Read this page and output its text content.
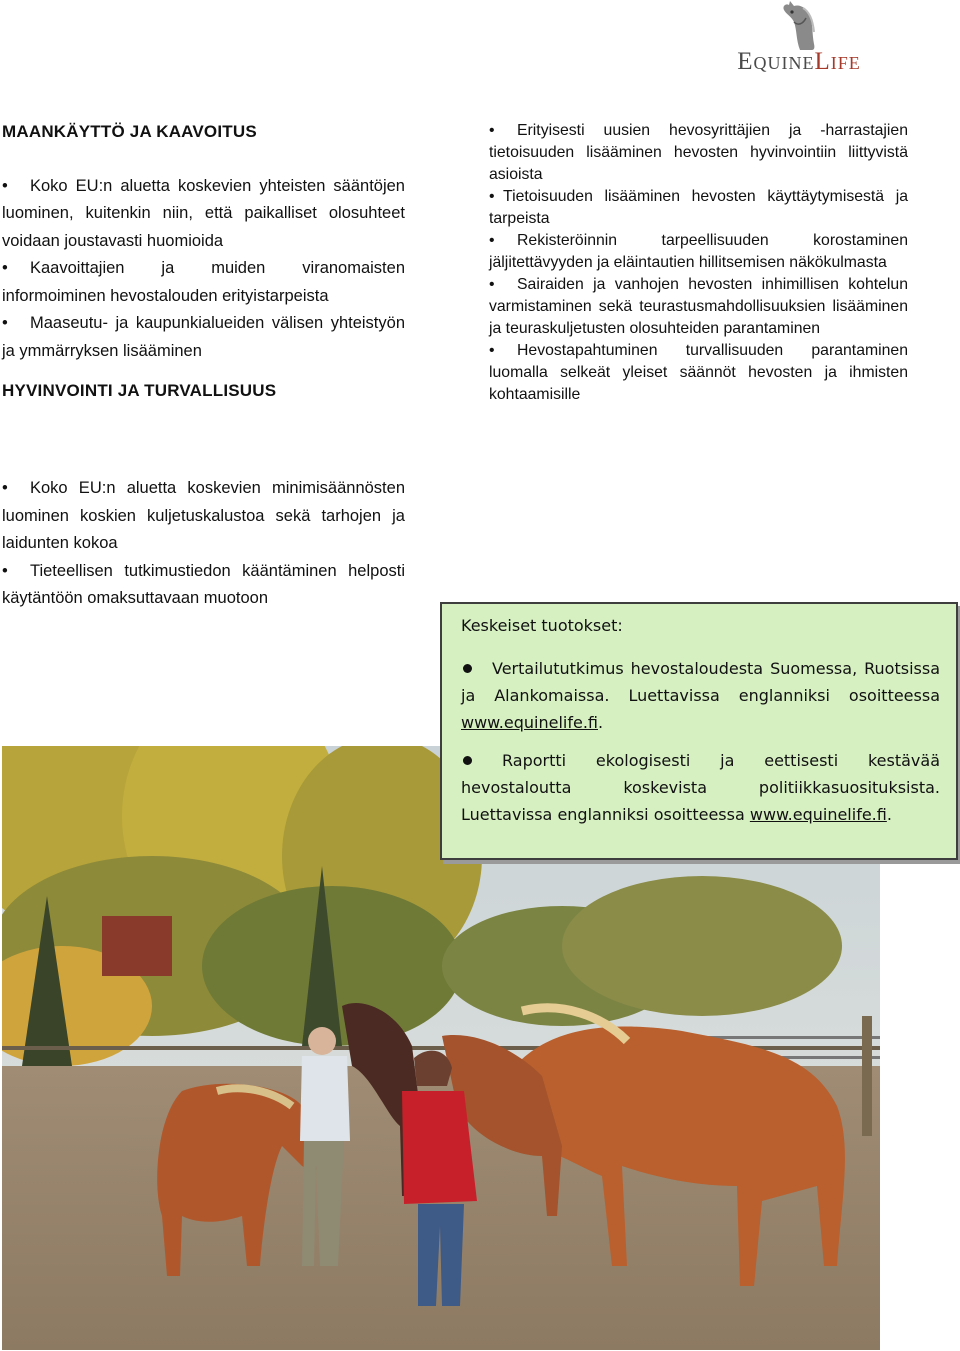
EquineLife
MAANKÄYTTÖ JA KAAVOITUS
• Koko EU:n aluetta koskevien yhteisten sääntöjen luominen, kuitenkin niin, että paikalliset olosuhteet voidaan joustavasti huomioida
• Kaavoittajien ja muiden viranomaisten informoiminen hevostalouden erityistarpeista
• Maaseutu- ja kaupunkialueiden välisen yhteistyön ja ymmärryksen lisääminen
HYVINVOINTI JA TURVALLISUUS
• Koko EU:n aluetta koskevien minimisäännösten luominen koskien kuljetuskalustoa sekä tarhojen ja laidunten kokoa
• Tieteellisen tutkimustiedon kääntäminen helposti käytäntöön omaksuttavaan muotoon
• Erityisesti uusien hevosyrittäjien ja -harrastajien tietoisuuden lisääminen hevosten hyvinvointiin liittyvistä asioista
• Tietoisuuden lisääminen hevosten käyttäytymisestä ja tarpeista
• Rekisteröinnin tarpeellisuuden korostaminen jäljitettävyyden ja eläintautien hillitsemisen näkökulmasta
• Sairaiden ja vanhojen hevosten inhimillisen kohtelun varmistaminen sekä teurastusmahdollisuuksien lisääminen ja teuraskuljetusten olosuhteiden parantaminen
• Hevostapahtuminen turvallisuuden parantaminen luomalla selkeät yleiset säännöt hevosten ja ihmisten kohtaamisille

Keskeiset tuotokset:

Vertailututkimus hevostaloudesta Suomessa, Ruotsissa ja Alankomaissa. Luettavissa englanniksi osoitteessa www.equinelife.fi.
Raportti ekologisesti ja eettisesti kestävää hevostaloutta koskevista politiikkasuosituksista. Luettavissa englanniksi osoitteessa www.equinelife.fi.
